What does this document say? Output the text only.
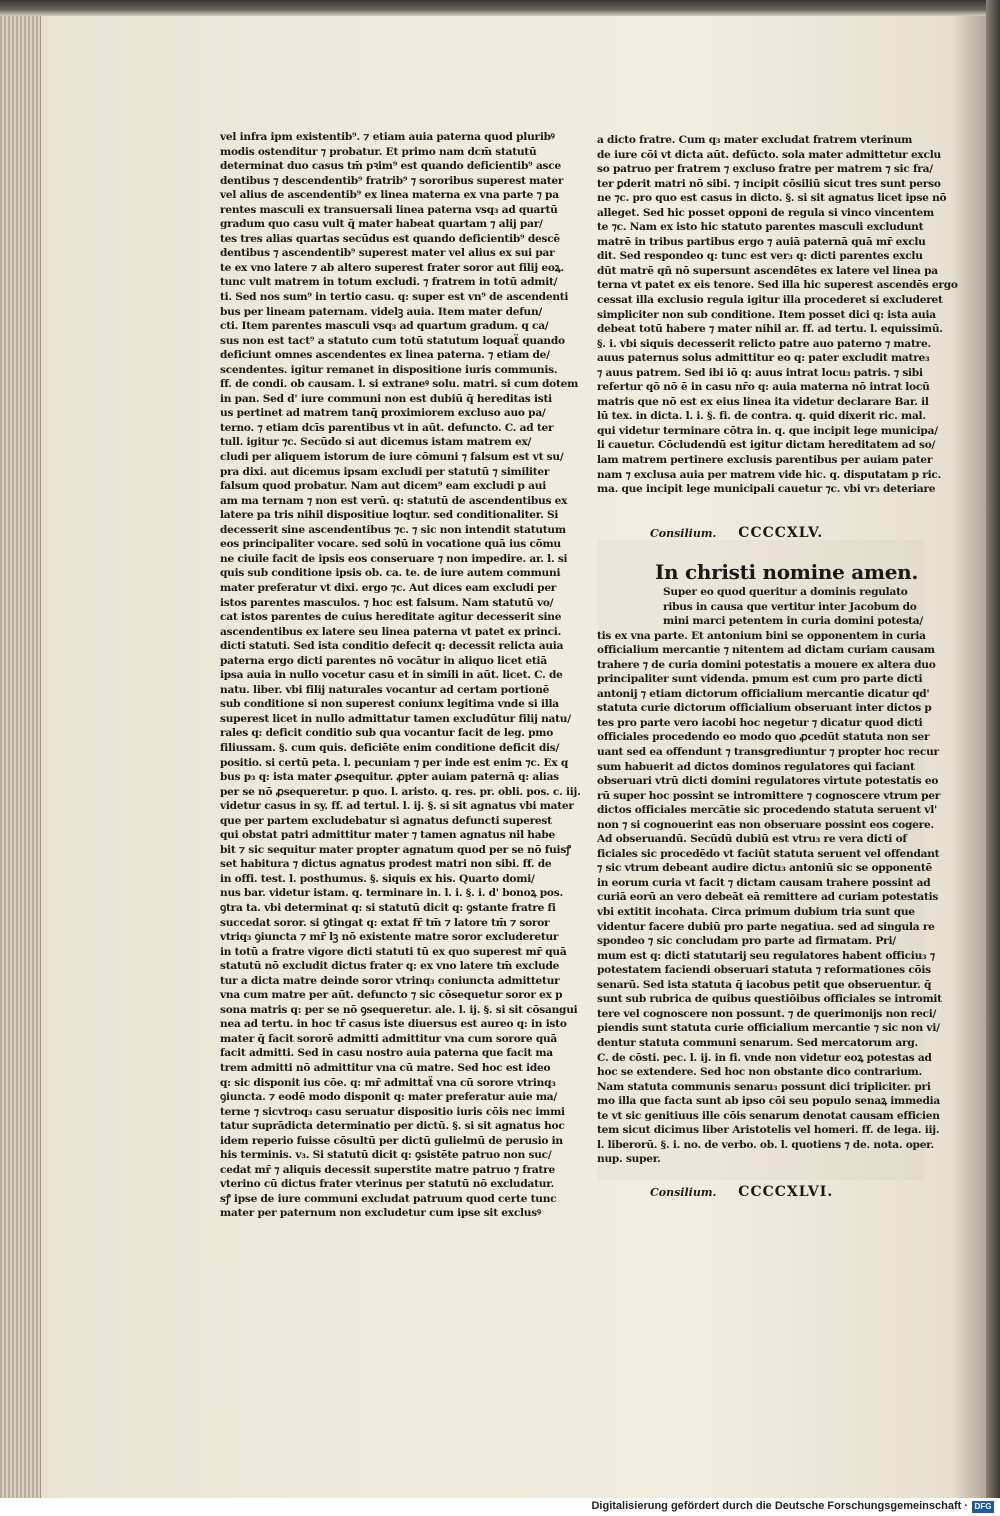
vel infra ipm existentib⁹. ⁊ etiam auia paterna quod pluribꝰ
modis ostenditur ⁊ probatur. Et primo nam dcm̄ statutū
determinat duo casus tm̄ pꝛim⁹ est quando deficientib⁹ asce
dentibus ⁊ descendentib⁹ fratrib⁹ ⁊ sororibus superest mater
vel alius de ascendentib⁹ ex linea materna ex vna parte ⁊ pa
rentes masculi ex transuersali linea paterna vsq₃ ad quartū
gradum quo casu vult q̄ mater habeat quartam ⁊ alij par/
tes tres alias quartas secūdus est quando deficientib⁹ descē
dentibus ⁊ ascendentib⁹ superest mater vel alius ex sui par
te ex vno latere ⁊ ab altero superest frater soror aut filij eoꝝ.
tunc vult matrem in totum excludi. ⁊ fratrem in totū admit/
ti. Sed nos sum⁹ in tertio casu. q: super est vn⁹ de ascendenti
bus per lineam paternam. videlꝫ auia. Item mater defun/
cti. Item parentes masculi vsq₃ ad quartum gradum. q ca/
sus non est tact⁹ a statuto cum totū statutum loquaẗ quando
deficiunt omnes ascendentes ex linea paterna. ⁊ etiam de/
scendentes. igitur remanet in dispositione iuris communis.
ff. de condi. ob causam. l. si extraneꝰ solu. matri. si cum dotem
in pan. Sed d' iure communi non est dubiū q̄ hereditas isti
us pertinet ad matrem tanq̄ proximiorem excluso auo pa/
terno. ⁊ etiam dcīs parentibus vt in aūt. defuncto. C. ad ter
tull. igitur ⁊c. Secūdo si aut dicemus istam matrem ex/
cludi per aliquem istorum de iure cōmuni ⁊ falsum est vt su/
pra dixi. aut dicemus ipsam excludi per statutū ⁊ similiter
falsum quod probatur. Nam aut dicem⁹ eam excludi p aui
am ma ternam ⁊ non est verū. q: statutū de ascendentibus ex
latere pa tris nihil dispositiue loqtur. sed conditionaliter. Si
decesserit sine ascendentibus ⁊c. ⁊ sic non intendit statutum
eos principaliter vocare. sed solū in vocatione quā ius cōmu
ne ciuile facit de ipsis eos conseruare ⁊ non impedire. ar. l. si
quis sub conditione ipsis ob. ca. te. de iure autem communi
mater preferatur vt dixi. ergo ⁊c. Aut dices eam excludi per
istos parentes masculos. ⁊ hoc est falsum. Nam statutū vo/
cat istos parentes de cuius hereditate agitur decesserit sine
ascendentibus ex latere seu linea paterna vt patet ex princi.
dicti statuti. Sed ista conditio defecit q: decessit relicta auia
paterna ergo dicti parentes nō vocātur in aliquo licet etiā
ipsa auia in nullo vocetur casu et in simili in aūt. licet. C. de
natu. liber. vbi filij naturales vocantur ad certam portionē
sub conditione si non superest coniunx legitima vnde si illa
superest licet in nullo admittatur tamen excludūtur filij natu/
rales q: deficit conditio sub qua vocantur facit de leg. pmo
filiussam. §. cum quis. deficiēte enim conditione deficit dis/
positio. si certū peta. l. pecuniam ⁊ per inde est enim ⁊c. Ex q
bus p₃ q: ista mater ꝓsequitur. ꝓpter auiam paternā q: alias
per se nō ꝓsequeretur. p quo. l. aristo. q. res. pr. obli. pos. c. iij.
videtur casus in sy. ff. ad tertul. l. ij. §. si sit agnatus vbi mater
que per partem excludebatur si agnatus defuncti superest
qui obstat patri admittitur mater ⁊ tamen agnatus nil habe
bit ⁊ sic sequitur mater propter agnatum quod per se nō fuisꝭ
set habitura ⁊ dictus agnatus prodest matri non sibi. ff. de
in offi. test. l. posthumus. §. siquis ex his. Quarto domi/
nus bar. videtur istam. q. terminare in. l. i. §. i. d' bonoꝝ pos.
ꝯtra ta. vbi determinat q: si statutū dicit q: ꝯstante fratre fi
succedat soror. si ꝯtingat q: extat fr̄ tm̄ ⁊ latore tm̄ ⁊ soror
vtriq₃ ꝯiuncta ⁊ mr̄ lꝫ nō existente matre soror excluderetur
in totū a fratre vigore dicti statuti tū ex quo superest mr̄ quā
statutū nō excludit dictus frater q: ex vno latere tm̄ exclude
tur a dicta matre deinde soror vtrinq₃ coniuncta admittetur
vna cum matre per aūt. defuncto ⁊ sic cōsequetur soror ex p
sona matris q: per se nō ꝯsequeretur. ale. l. ij. §. si sit cōsangui
nea ad tertu. in hoc tr̄ casus iste diuersus est aureo q: in isto
mater q̄ facit sororē admitti admittitur vna cum sorore quā
facit admitti. Sed in casu nostro auia paterna que facit ma
trem admitti nō admittitur vna cū matre. Sed hoc est ideo
q: sic disponit ius cōe. q: mr̄ admittaẗ vna cū sorore vtrinq₃
ꝯiuncta. ⁊ eodē modo disponit q: mater preferatur auie ma/
terne ⁊ sicvtroq₃ casu seruatur dispositio iuris cōis nec immi
tatur suprādicta determinatio per dictū. §. si sit agnatus hoc
idem reperio fuisse cōsultū per dictū gulielmū de perusio in
his terminis. v₃. Si statutū dicit q: ꝯsistēte patruo non suc/
cedat mr̄ ⁊ aliquis decessit superstite matre patruo ⁊ fratre
vterino cū dictus frater vterinus per statutū nō excludatur.
sꝭ ipse de iure communi excludat patruum quod certe tunc
mater per paternum non excludetur cum ipse sit exclusꝰ
a dicto fratre. Cum q₃ mater excludat fratrem vterinum
de iure cōi vt dicta aūt. defūcto. sola mater admittetur exclu
so patruo per fratrem ⁊ excluso fratre per matrem ⁊ sic fra/
ter ꝑderit matri nō sibi. ⁊ incipit cōsiliū sicut tres sunt perso
ne ⁊c. pro quo est casus in dicto. §. si sit agnatus licet ipse nō
alleget. Sed hic posset opponi de regula si vinco vincentem
te ⁊c. Nam ex isto hic statuto parentes masculi excludunt
matrē in tribus partibus ergo ⁊ auiā paternā quā mr̄ exclu
dit. Sed respondeo q: tunc est ver₃ q: dicti parentes exclu
dūt matrē qñ nō supersunt ascendētes ex latere vel linea pa
terna vt patet ex eis tenore. Sed illa hic superest ascendēs ergo
cessat illa exclusio regula igitur illa procederet si excluderet
simpliciter non sub conditione. Item posset dici q: ista auia
debeat totū habere ⁊ mater nihil ar. ff. ad tertu. l. equissimū.
§. i. vbi siquis decesserit relicto patre auo paterno ⁊ matre.
auus paternus solus admittitur eo q: pater excludit matre₃
⁊ auus patrem. Sed ibi iō q: auus intrat locu₃ patris. ⁊ sibi
refertur qō nō ē in casu nr̄o q: auia materna nō intrat locū
matris que nō est ex eius linea ita videtur declarare Bar. il
lū tex. in dicta. l. i. §. fi. de contra. q. quid dixerit ric. mal.
qui videtur terminare cōtra in. q. que incipit lege municipa/
li cauetur. Cōcludendū est igitur dictam hereditatem ad so/
lam matrem pertinere exclusis parentibus per auiam pater
nam ⁊ exclusa auia per matrem vide hic. q. disputatam p ric.
ma. que incipit lege municipali cauetur ⁊c. vbi vr₃ deteriare
Consilium. CCCCXLV.
In christi nomine amen.
Super eo quod queritur a dominis regulato
ribus in causa que vertitur inter Jacobum do
mini marci petentem in curia domini potesta/
tis ex vna parte. Et antonium bini se opponentem in curia
officialium mercantie ⁊ nitentem ad dictam curiam causam
trahere ⁊ de curia domini potestatis a mouere ex altera duo
principaliter sunt videnda. pmum est cum pro parte dicti
antonij ⁊ etiam dictorum officialium mercantie dicatur qd'
statuta curie dictorum officialium obseruant inter dictos p
tes pro parte vero iacobi hoc negetur ⁊ dicatur quod dicti
officiales procedendo eo modo quo ꝓcedūt statuta non ser
uant sed ea offendunt ⁊ transgrediuntur ⁊ propter hoc recur
sum habuerit ad dictos dominos regulatores qui faciant
obseruari vtrū dicti domini regulatores virtute potestatis eo
rū super hoc possint se intromittere ⁊ cognoscere vtrum per
dictos officiales mercātie sic procedendo statuta seruent vl'
non ⁊ si cognouerint eas non obseruare possint eos cogere.
Ad obseruandū. Secūdū dubiū est vtru₃ re vera dicti of
ficiales sic procedēdo vt faciūt statuta seruent vel offendant
⁊ sic vtrum debeant audire dictu₃ antoniū sic se opponentē
in eorum curia vt facit ⁊ dictam causam trahere possint ad
curiā eorū an vero debeāt eā remittere ad curiam potestatis
vbi extitit incohata. Circa primum dubium tria sunt que
videntur facere dubiū pro parte negatiua. sed ad singula re
spondeo ⁊ sic concludam pro parte ad firmatam. Pri/
mum est q: dicti statutarij seu regulatores habent officiu₃ ⁊
potestatem faciendi obseruari statuta ⁊ reformationes cōis
senarū. Sed ista statuta q̄ iacobus petit que obseruentur. q̄
sunt sub rubrica de quibus questiōibus officiales se intromit
tere vel cognoscere non possunt. ⁊ de querimonijs non reci/
piendis sunt statuta curie officialium mercantie ⁊ sic non vi/
dentur statuta communi senarum. Sed mercatorum arg.
C. de cōsti. pec. l. ij. in fi. vnde non videtur eoꝝ potestas ad
hoc se extendere. Sed hoc non obstante dico contrarium.
Nam statuta communis senaru₃ possunt dici tripliciter. pri
mo illa que facta sunt ab ipso cōi seu populo senaꝝ immedia
te vt sic genitiuus ille cōis senarum denotat causam efficien
tem sicut dicimus liber Aristotelis vel homeri. ff. de lega. iij.
l. liberorū. §. i. no. de verbo. ob. l. quotiens ⁊ de. nota. oper.
nup. super.
Consilium. CCCCXLVI.
Digitalisierung gefördert durch die Deutsche Forschungsgemeinschaft · DFG
